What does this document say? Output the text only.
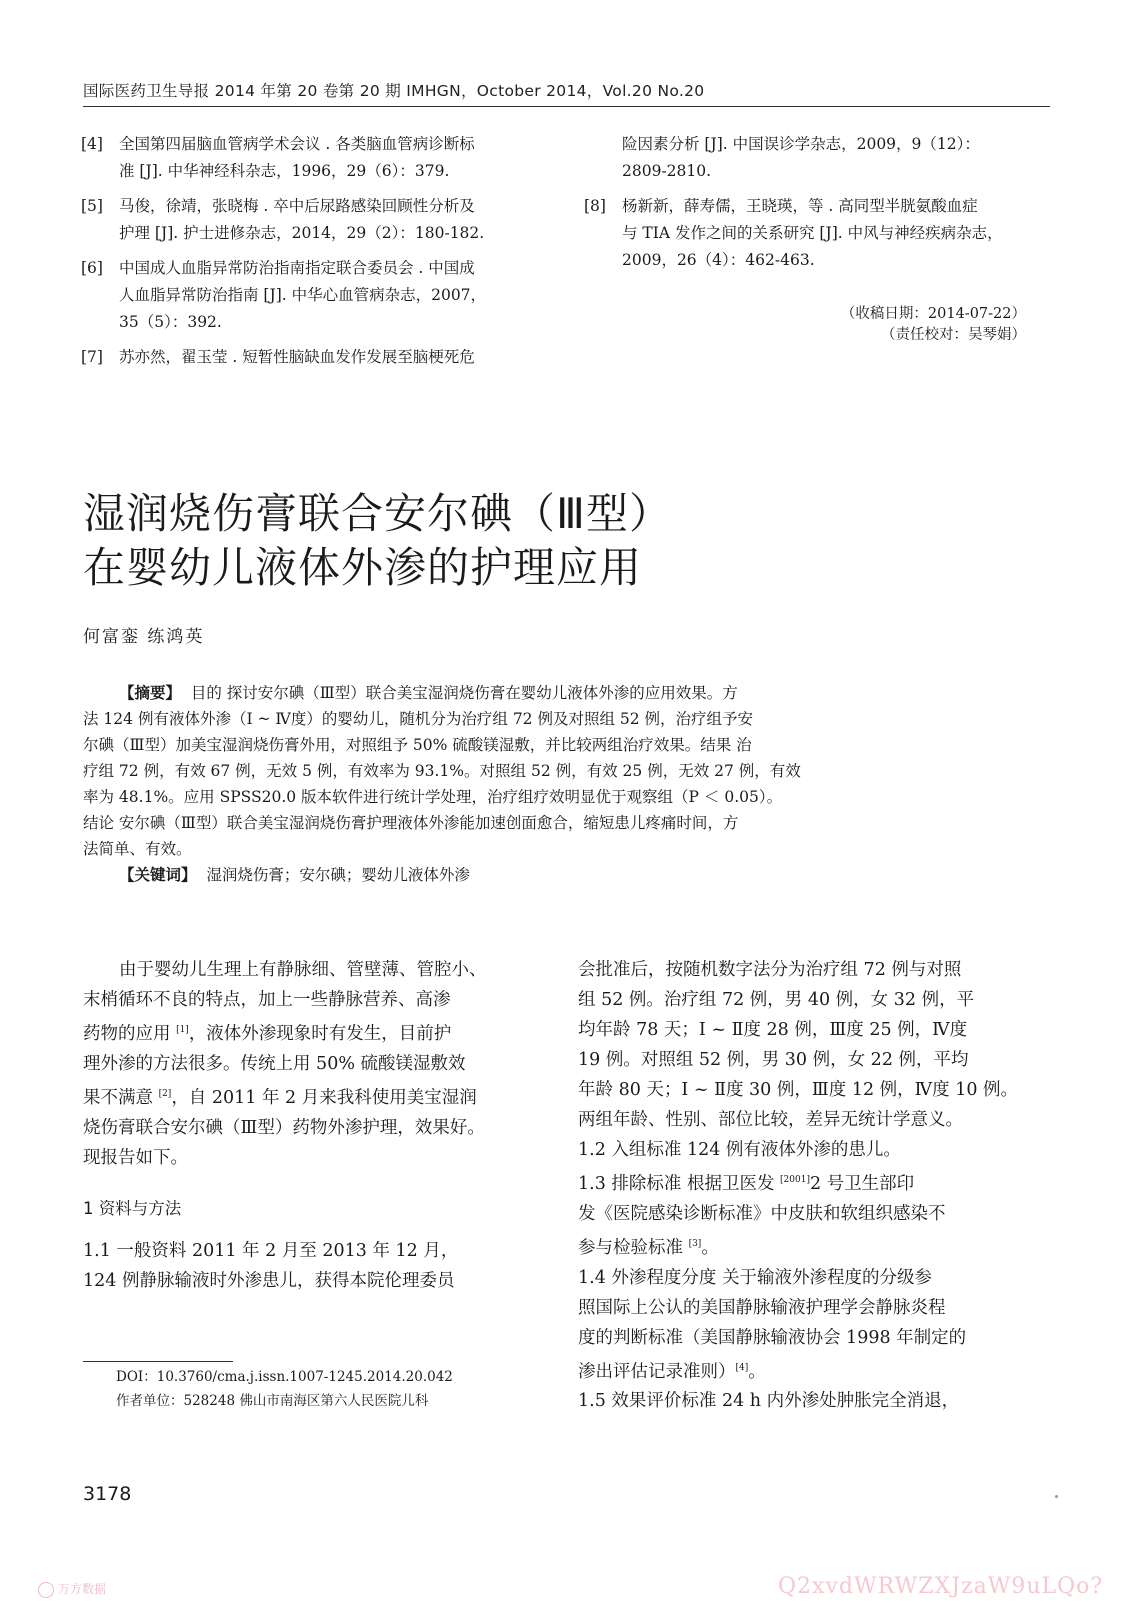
国际医药卫生导报 2014 年第 20 卷第 20 期 IMHGN，October 2014，Vol.20 No.20
[4] 全国第四届脑血管病学术会议 . 各类脑血管病诊断标
准 [J]. 中华神经科杂志，1996，29（6）：379.
[5] 马俊，徐靖，张晓梅 . 卒中后尿路感染回顾性分析及
护理 [J]. 护士进修杂志，2014，29（2）：180-182.
[6] 中国成人血脂异常防治指南指定联合委员会 . 中国成
人血脂异常防治指南 [J]. 中华心血管病杂志，2007，
35（5）：392.
[7] 苏亦然，翟玉莹 . 短暂性脑缺血发作发展至脑梗死危
险因素分析 [J]. 中国误诊学杂志，2009，9（12）：
2809-2810.
[8] 杨新新，薛寿儒，王晓瑛，等 . 高同型半胱氨酸血症
与 TIA 发作之间的关系研究 [J]. 中风与神经疾病杂志，
2009，26（4）：462-463.
（收稿日期：2014-07-22）
（责任校对：吴琴娟）
湿润烧伤膏联合安尔碘（Ⅲ型）
在婴幼儿液体外渗的护理应用
何富銮 练鸿英
【摘要】 目的 探讨安尔碘（Ⅲ型）联合美宝湿润烧伤膏在婴幼儿液体外渗的应用效果。方
法 124 例有液体外渗（Ⅰ ~ Ⅳ度）的婴幼儿，随机分为治疗组 72 例及对照组 52 例，治疗组予安
尔碘（Ⅲ型）加美宝湿润烧伤膏外用，对照组予 50% 硫酸镁湿敷，并比较两组治疗效果。结果 治
疗组 72 例，有效 67 例，无效 5 例，有效率为 93.1%。对照组 52 例，有效 25 例，无效 27 例，有效
率为 48.1%。应用 SPSS20.0 版本软件进行统计学处理，治疗组疗效明显优于观察组（P ＜ 0.05）。
结论 安尔碘（Ⅲ型）联合美宝湿润烧伤膏护理液体外渗能加速创面愈合，缩短患儿疼痛时间，方
法简单、有效。
【关键词】 湿润烧伤膏；安尔碘；婴幼儿液体外渗
由于婴幼儿生理上有静脉细、管壁薄、管腔小、
末梢循环不良的特点，加上一些静脉营养、高渗
药物的应用 [1]，液体外渗现象时有发生，目前护
理外渗的方法很多。传统上用 50% 硫酸镁湿敷效
果不满意 [2]，自 2011 年 2 月来我科使用美宝湿润
烧伤膏联合安尔碘（Ⅲ型）药物外渗护理，效果好。
现报告如下。
1 资料与方法
1.1 一般资料 2011 年 2 月至 2013 年 12 月，
124 例静脉输液时外渗患儿，获得本院伦理委员
会批准后，按随机数字法分为治疗组 72 例与对照
组 52 例。治疗组 72 例，男 40 例，女 32 例，平
均年龄 78 天；Ⅰ ~ Ⅱ度 28 例，Ⅲ度 25 例，Ⅳ度
19 例。对照组 52 例，男 30 例，女 22 例，平均
年龄 80 天；Ⅰ ~ Ⅱ度 30 例，Ⅲ度 12 例，Ⅳ度 10 例。
两组年龄、性别、部位比较，差异无统计学意义。
1.2 入组标准 124 例有液体外渗的患儿。
1.3 排除标准 根据卫医发 [2001]2 号卫生部印
发《医院感染诊断标准》中皮肤和软组织感染不
参与检验标准 [3]。
1.4 外渗程度分度 关于输液外渗程度的分级参
照国际上公认的美国静脉输液护理学会静脉炎程
度的判断标准（美国静脉输液协会 1998 年制定的
渗出评估记录准则）[4]。
1.5 效果评价标准 24 h 内外渗处肿胀完全消退，
DOI：10.3760/cma.j.issn.1007-1245.2014.20.042
作者单位：528248 佛山市南海区第六人民医院儿科
3178
万方数据	Q2xvdWRWZXJzaW9uLQo?
